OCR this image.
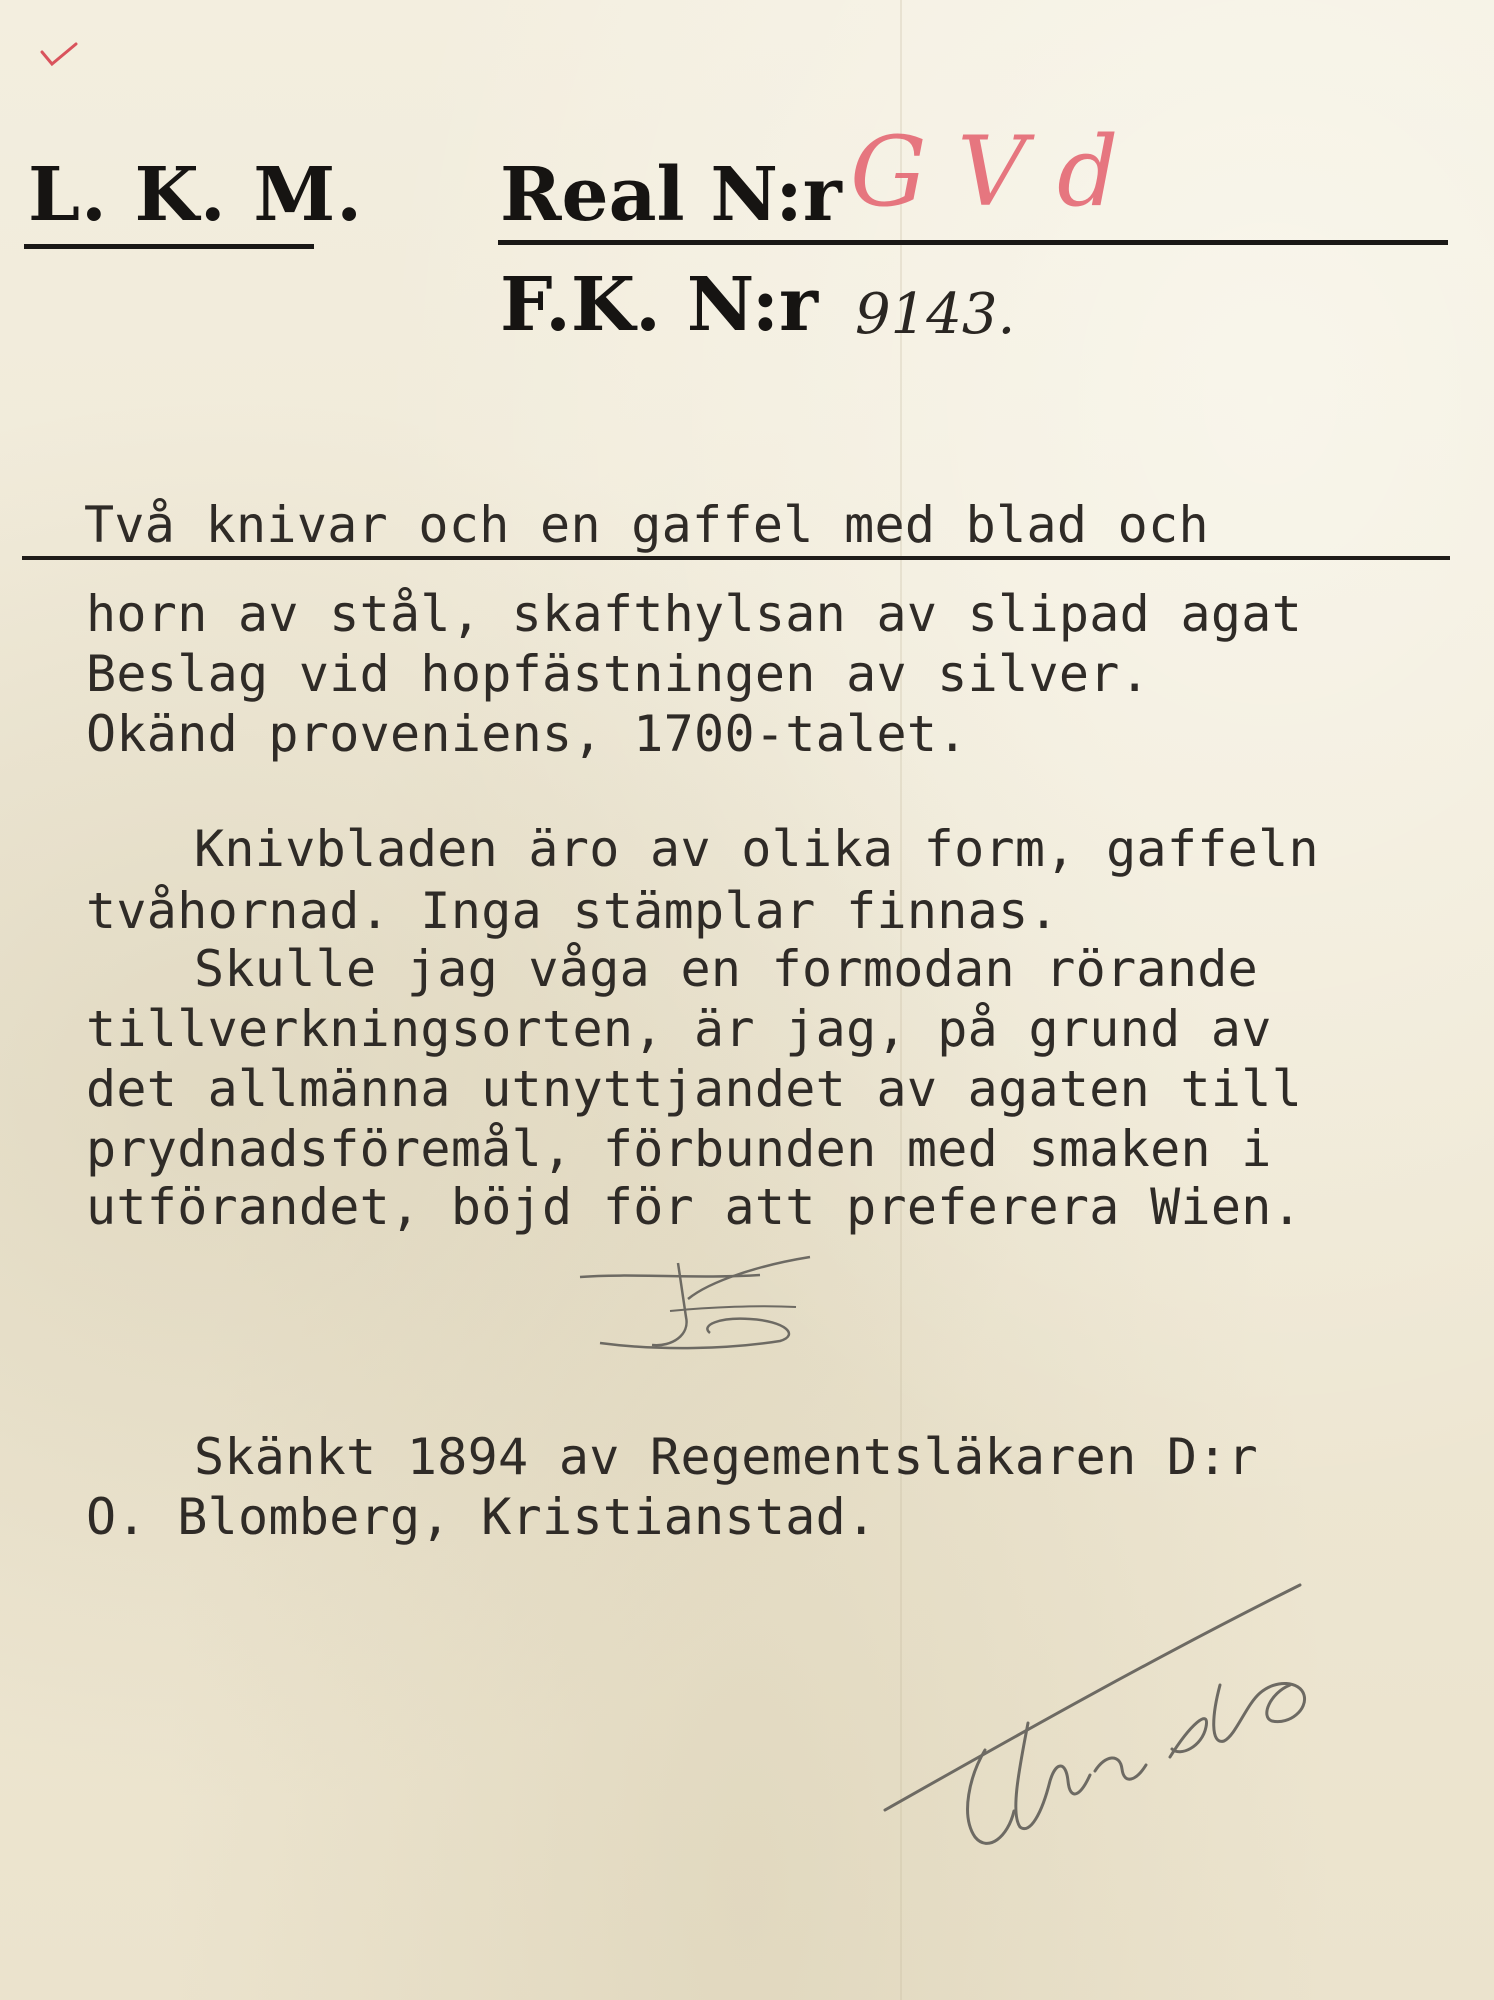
L. K. M. Real N:r G V d
F.K. N:r 9143.
Två knivar och en gaffel med blad och
horn av stål, skafthylsan av slipad agat
Beslag vid hopfästningen av silver.
Okänd proveniens, 1700-talet.
Knivbladen äro av olika form, gaffeln
tvåhornad. Inga stämplar finnas.
Skulle jag våga en formodan rörande
tillverkningsorten, är jag, på grund av
det allmänna utnyttjandet av agaten till
prydnadsföremål, förbunden med smaken i
utförandet, böjd för att preferera Wien.
Skänkt 1894 av Regementsläkaren D:r
O. Blomberg, Kristianstad.
